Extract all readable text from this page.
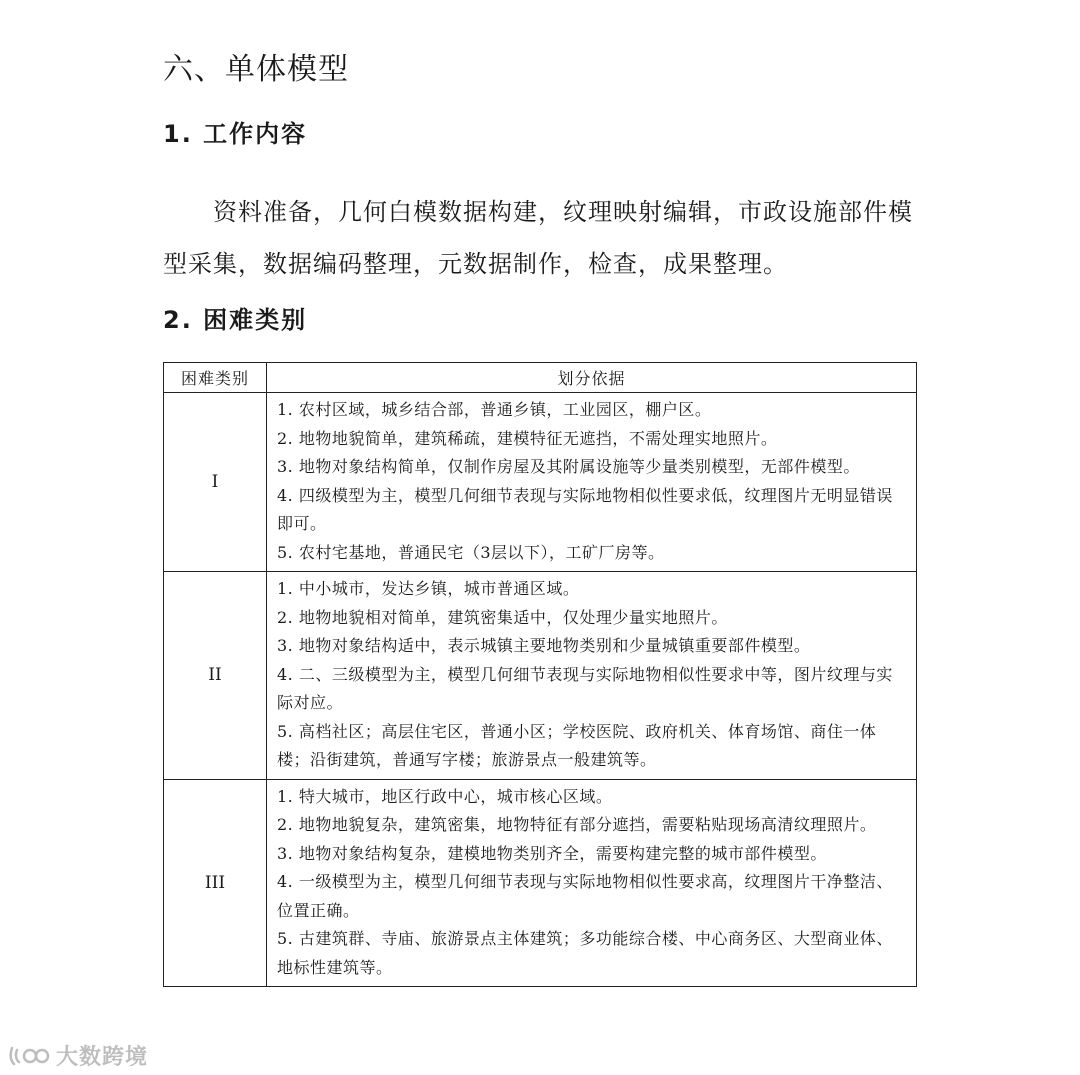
六、单体模型
1. 工作内容
资料准备，几何白模数据构建，纹理映射编辑，市政设施部件模型采集，数据编码整理，元数据制作，检查，成果整理。
2. 困难类别
困难类别	划分依据
I	1. 农村区域，城乡结合部，普通乡镇，工业园区，棚户区。
2. 地物地貌简单，建筑稀疏，建模特征无遮挡，不需处理实地照片。
3. 地物对象结构简单，仅制作房屋及其附属设施等少量类别模型，无部件模型。
4. 四级模型为主，模型几何细节表现与实际地物相似性要求低，纹理图片无明显错误即可。
5. 农村宅基地，普通民宅（3层以下），工矿厂房等。

II	1. 中小城市，发达乡镇，城市普通区域。
2. 地物地貌相对简单，建筑密集适中，仅处理少量实地照片。
3. 地物对象结构适中，表示城镇主要地物类别和少量城镇重要部件模型。
4. 二、三级模型为主，模型几何细节表现与实际地物相似性要求中等，图片纹理与实际对应。
5. 高档社区；高层住宅区，普通小区；学校医院、政府机关、体育场馆、商住一体楼；沿街建筑，普通写字楼；旅游景点一般建筑等。

III	1. 特大城市，地区行政中心，城市核心区域。
2. 地物地貌复杂，建筑密集，地物特征有部分遮挡，需要粘贴现场高清纹理照片。
3. 地物对象结构复杂，建模地物类别齐全，需要构建完整的城市部件模型。
4. 一级模型为主，模型几何细节表现与实际地物相似性要求高，纹理图片干净整洁、位置正确。
5. 古建筑群、寺庙、旅游景点主体建筑；多功能综合楼、中心商务区、大型商业体、地标性建筑等。
大数跨境
